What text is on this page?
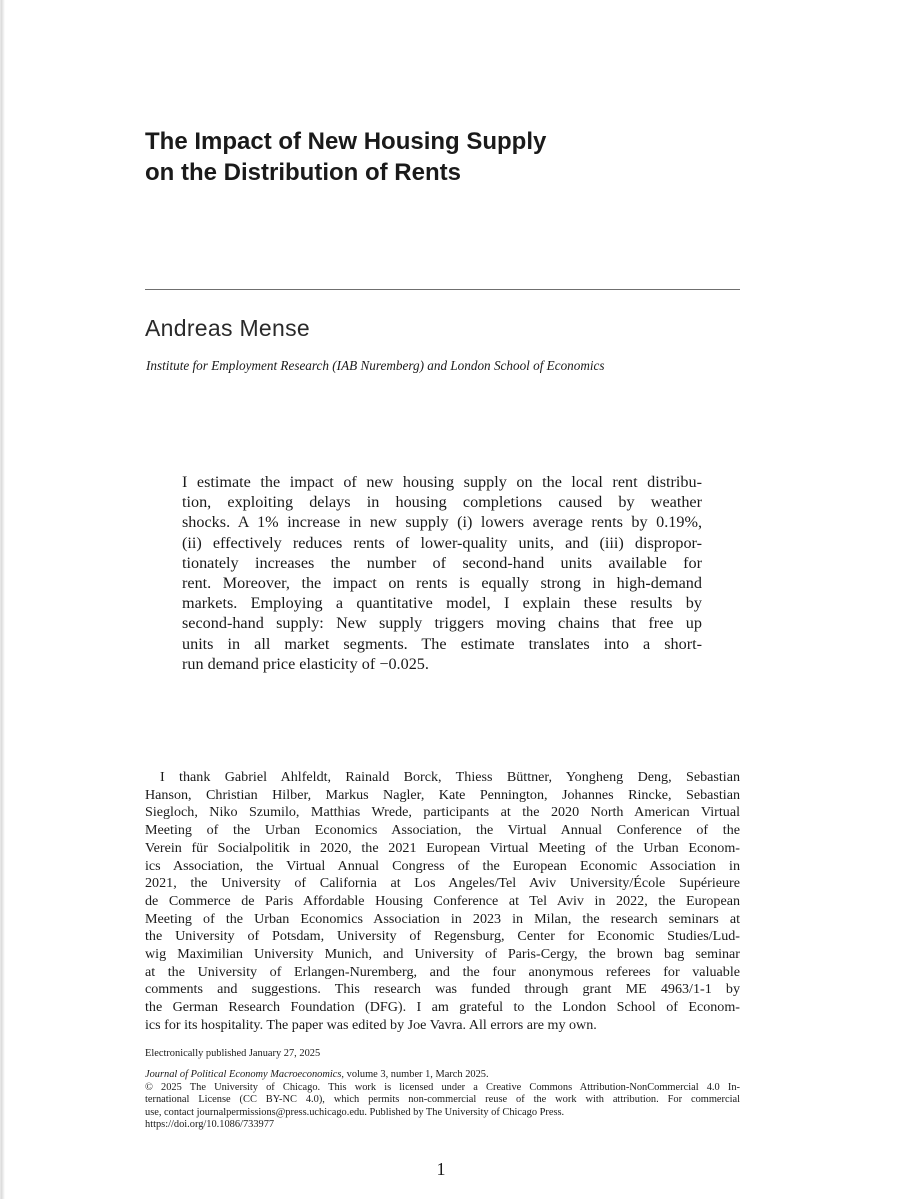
The Impact of New Housing Supply
on the Distribution of Rents

Andreas Mense

Institute for Employment Research (IAB Nuremberg) and London School of Economics

I estimate the impact of new housing supply on the local rent distribu-
tion, exploiting delays in housing completions caused by weather
shocks. A 1% increase in new supply (i) lowers average rents by 0.19%,
(ii) effectively reduces rents of lower-quality units, and (iii) dispropor-
tionately increases the number of second-hand units available for
rent. Moreover, the impact on rents is equally strong in high-demand
markets. Employing a quantitative model, I explain these results by
second-hand supply: New supply triggers moving chains that free up
units in all market segments. The estimate translates into a short-
run demand price elasticity of −0.025.
I thank Gabriel Ahlfeldt, Rainald Borck, Thiess Büttner, Yongheng Deng, Sebastian
Hanson, Christian Hilber, Markus Nagler, Kate Pennington, Johannes Rincke, Sebastian
Siegloch, Niko Szumilo, Matthias Wrede, participants at the 2020 North American Virtual
Meeting of the Urban Economics Association, the Virtual Annual Conference of the
Verein für Socialpolitik in 2020, the 2021 European Virtual Meeting of the Urban Econom-
ics Association, the Virtual Annual Congress of the European Economic Association in
2021, the University of California at Los Angeles/Tel Aviv University/École Supérieure
de Commerce de Paris Affordable Housing Conference at Tel Aviv in 2022, the European
Meeting of the Urban Economics Association in 2023 in Milan, the research seminars at
the University of Potsdam, University of Regensburg, Center for Economic Studies/Lud-
wig Maximilian University Munich, and University of Paris-Cergy, the brown bag seminar
at the University of Erlangen-Nuremberg, and the four anonymous referees for valuable
comments and suggestions. This research was funded through grant ME 4963/1-1 by
the German Research Foundation (DFG). I am grateful to the London School of Econom-
ics for its hospitality. The paper was edited by Joe Vavra. All errors are my own.

Electronically published January 27, 2025

Journal of Political Economy Macroeconomics, volume 3, number 1, March 2025.
© 2025 The University of Chicago. This work is licensed under a Creative Commons Attribution-NonCommercial 4.0 In-
ternational License (CC BY-NC 4.0), which permits non-commercial reuse of the work with attribution. For commercial
use, contact journalpermissions@press.uchicago.edu. Published by The University of Chicago Press.
https://doi.org/10.1086/733977
1
